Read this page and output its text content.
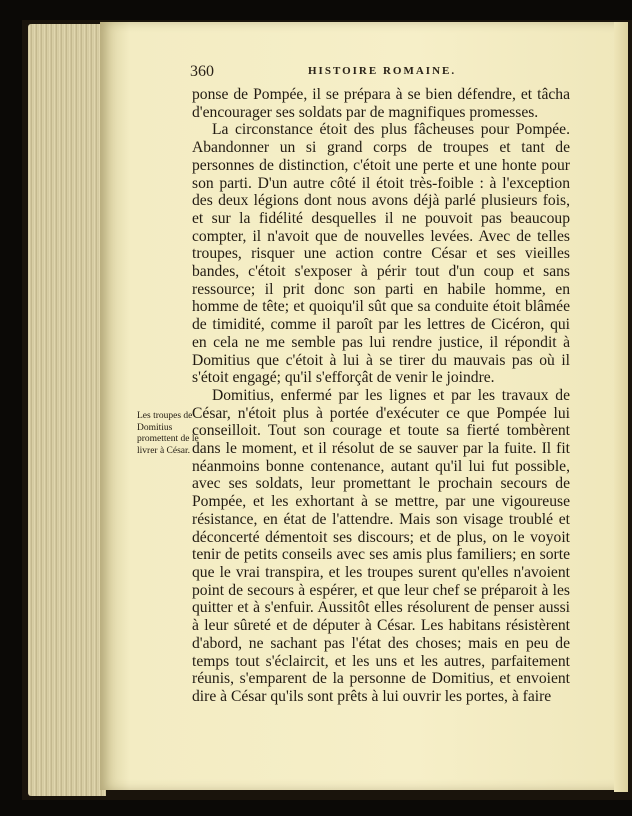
360	HISTOIRE ROMAINE.
Les troupes de Domitius promettent de le livrer à César.

ponse de Pompée, il se prépara à se bien défendre, et tâcha d'encourager ses soldats par de magnifiques promesses.

La circonstance étoit des plus fâcheuses pour Pompée. Abandonner un si grand corps de troupes et tant de personnes de distinction, c'étoit une perte et une honte pour son parti. D'un autre côté il étoit très-foible : à l'exception des deux légions dont nous avons déjà parlé plusieurs fois, et sur la fidélité desquelles il ne pouvoit pas beaucoup compter, il n'avoit que de nouvelles levées. Avec de telles troupes, risquer une action contre César et ses vieilles bandes, c'étoit s'exposer à périr tout d'un coup et sans ressource; il prit donc son parti en habile homme, en homme de tête; et quoiqu'il sût que sa conduite étoit blâmée de timidité, comme il paroît par les lettres de Cicéron, qui en cela ne me semble pas lui rendre justice, il répondit à Domitius que c'étoit à lui à se tirer du mauvais pas où il s'étoit engagé; qu'il s'efforçât de venir le joindre.

Domitius, enfermé par les lignes et par les travaux de César, n'étoit plus à portée d'exécuter ce que Pompée lui conseilloit. Tout son courage et toute sa fierté tombèrent dans le moment, et il résolut de se sauver par la fuite. Il fit néanmoins bonne contenance, autant qu'il lui fut possible, avec ses soldats, leur promettant le prochain secours de Pompée, et les exhortant à se mettre, par une vigoureuse résistance, en état de l'attendre. Mais son visage troublé et déconcerté démentoit ses discours; et de plus, on le voyoit tenir de petits conseils avec ses amis plus familiers; en sorte que le vrai transpira, et les troupes surent qu'elles n'avoient point de secours à espérer, et que leur chef se préparoit à les quitter et à s'enfuir. Aussitôt elles résolurent de penser aussi à leur sûreté et de députer à César. Les habitans résistèrent d'abord, ne sachant pas l'état des choses; mais en peu de temps tout s'éclaircit, et les uns et les autres, parfaitement réunis, s'emparent de la personne de Domitius, et envoient dire à César qu'ils sont prêts à lui ouvrir les portes, à faire
